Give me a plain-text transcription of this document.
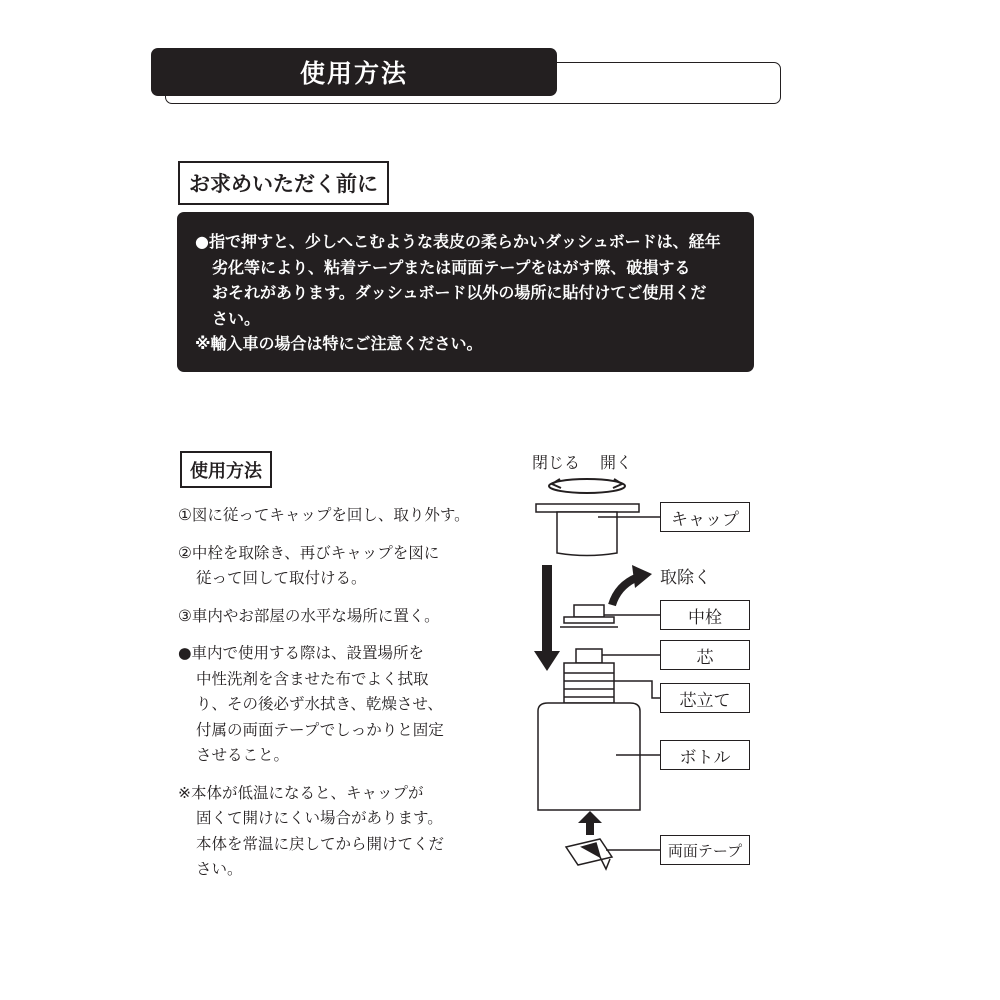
使用方法
お求めいただく前に
●指で押すと、少しへこむような表皮の柔らかいダッシュボードは、経年
劣化等により、粘着テープまたは両面テープをはがす際、破損する
おそれがあります。ダッシュボード以外の場所に貼付けてご使用くだ
さい。
※輸入車の場合は特にご注意ください。
使用方法
①図に従ってキャップを回し、取り外す。
②中栓を取除き、再びキャップを図に
従って回して取付ける。
③車内やお部屋の水平な場所に置く。
●車内で使用する際は、設置場所を
中性洗剤を含ませた布でよく拭取
り、その後必ず水拭き、乾燥させ、
付属の両面テープでしっかりと固定
させること。
※本体が低温になると、キャップが
固くて開けにくい場合があります。
本体を常温に戻してから開けてくだ
さい。
閉じる 開く
取除く
キャップ
中栓
芯
芯立て
ボトル
両面テープ
